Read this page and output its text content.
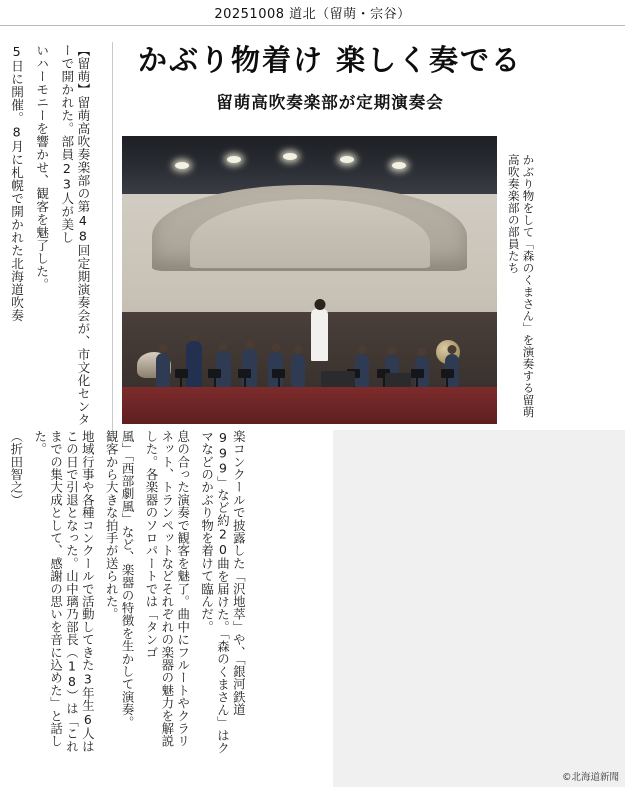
20251008 道北（留萌・宗谷）
かぶり物着け 楽しく奏でる
留萌高吹奏楽部が定期演奏会
かぶり物をして「森のくまさん」を演奏する留萌高吹奏楽部の部員たち
【留萌】留萌高吹奏楽部の第48回定期演奏会が、市文化センターで開かれた。部員23人が美し
いハーモニーを響かせ、観客を魅了した。
5日に開催。8月に札幌で開かれた北海道吹奏
楽コンクールで披露した「沢地萃」や、「銀河鉄道999」など約20曲を届けた。「森のくまさん」はクマなどのかぶり物を着けて臨んだ。
息の合った演奏で観客を魅了。曲中にフルートやクラリネット、トランペットなどそれぞれの楽器の魅力を解説した。各楽器のソロパートでは「タンゴ
風」「西部劇風」など、楽器の特徴を生かして演奏。観客から大きな拍手が送られた。
地域行事や各種コンクールで活動してきた3年生6人はこの日で引退となった。山中璃乃部長（18）は「これまでの集大成として、感謝の思いを音に込めた」と話した。
（折田智之）
©北海道新聞
